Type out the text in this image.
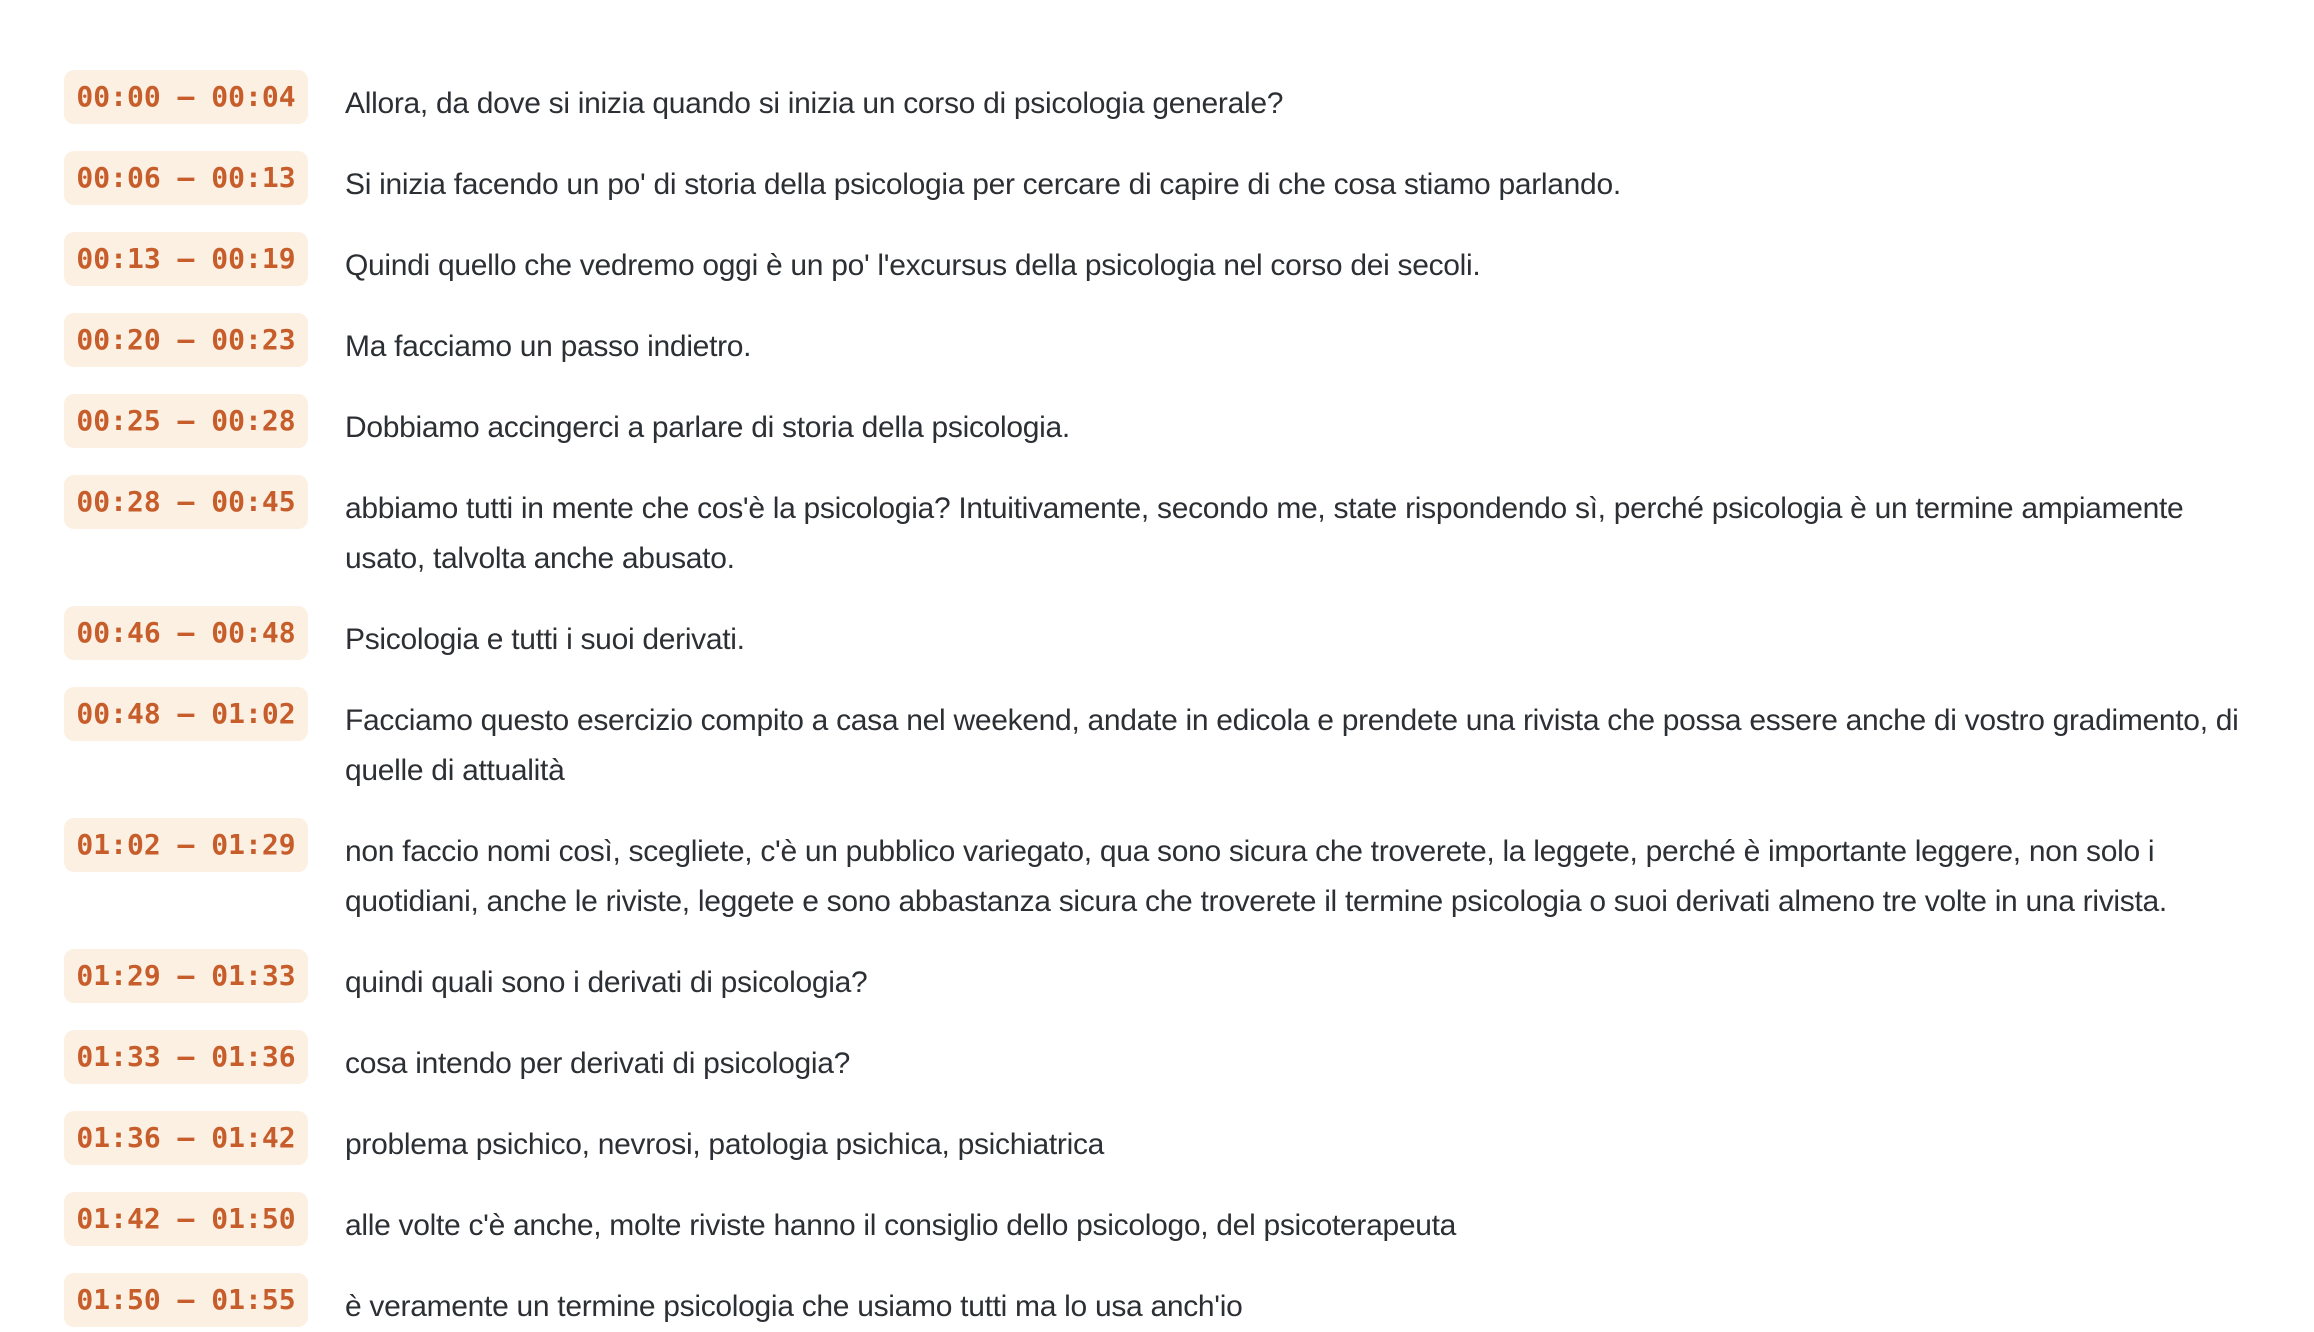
00:00 – 00:04	Allora, da dove si inizia quando si inizia un corso di psicologia generale?

00:06 – 00:13	Si inizia facendo un po' di storia della psicologia per cercare di capire di che cosa stiamo parlando.

00:13 – 00:19	Quindi quello che vedremo oggi è un po' l'excursus della psicologia nel corso dei secoli.

00:20 – 00:23	Ma facciamo un passo indietro.

00:25 – 00:28	Dobbiamo accingerci a parlare di storia della psicologia.

00:28 – 00:45	abbiamo tutti in mente che cos'è la psicologia? Intuitivamente, secondo me, state rispondendo sì, perché psicologia è un termine ampiamente usato, talvolta anche abusato.

00:46 – 00:48	Psicologia e tutti i suoi derivati.

00:48 – 01:02	Facciamo questo esercizio compito a casa nel weekend, andate in edicola e prendete una rivista che possa essere anche di vostro gradimento, di quelle di attualità

01:02 – 01:29	non faccio nomi così, scegliete, c'è un pubblico variegato, qua sono sicura che troverete, la leggete, perché è importante leggere, non solo i quotidiani, anche le riviste, leggete e sono abbastanza sicura che troverete il termine psicologia o suoi derivati almeno tre volte in una rivista.

01:29 – 01:33	quindi quali sono i derivati di psicologia?

01:33 – 01:36	cosa intendo per derivati di psicologia?

01:36 – 01:42	problema psichico, nevrosi, patologia psichica, psichiatrica

01:42 – 01:50	alle volte c'è anche, molte riviste hanno il consiglio dello psicologo, del psicoterapeuta

01:50 – 01:55	è veramente un termine psicologia che usiamo tutti ma lo usa anch'io
